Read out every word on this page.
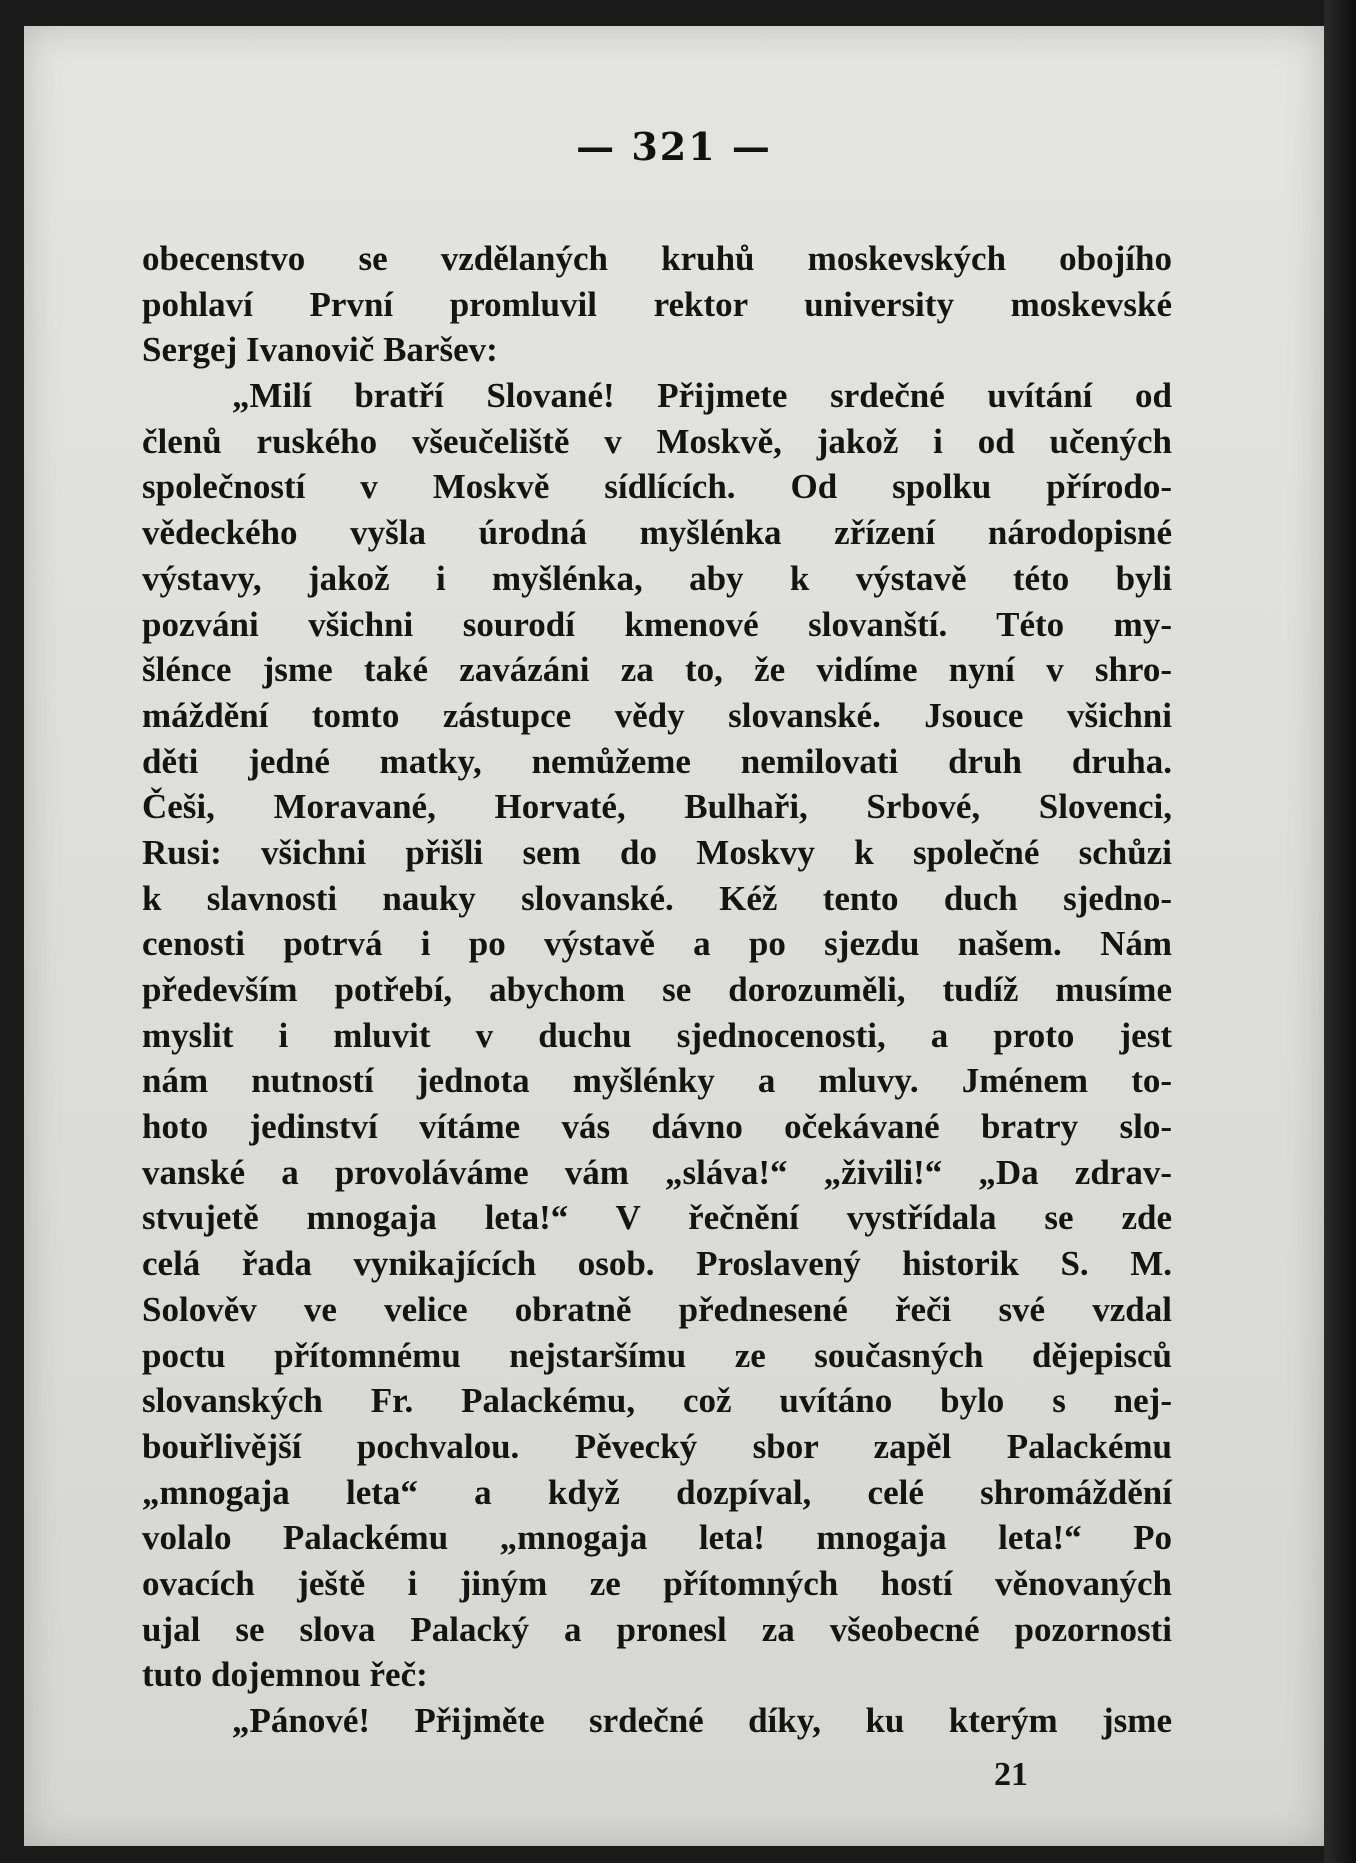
— 321 —
obecenstvo se vzdělaných kruhů moskevských obojího
pohlaví První promluvil rektor university moskevské
Sergej Ivanovič Baršev:
„Milí bratří Slované! Přijmete srdečné uvítání od
členů ruského všeučeliště v Moskvě, jakož i od učených
společností v Moskvě sídlících. Od spolku přírodo-
vědeckého vyšla úrodná myšlénka zřízení národopisné
výstavy, jakož i myšlénka, aby k výstavě této byli
pozváni všichni sourodí kmenové slovanští. Této my-
šlénce jsme také zavázáni za to, že vidíme nyní v shro-
máždění tomto zástupce vědy slovanské. Jsouce všichni
děti jedné matky, nemůžeme nemilovati druh druha.
Češi, Moravané, Horvaté, Bulhaři, Srbové, Slovenci,
Rusi: všichni přišli sem do Moskvy k společné schůzi
k slavnosti nauky slovanské. Kéž tento duch sjedno-
cenosti potrvá i po výstavě a po sjezdu našem. Nám
především potřebí, abychom se dorozuměli, tudíž musíme
myslit i mluvit v duchu sjednocenosti, a proto jest
nám nutností jednota myšlénky a mluvy. Jménem to-
hoto jedinství vítáme vás dávno očekávané bratry slo-
vanské a provoláváme vám „sláva!“ „živili!“ „Da zdrav-
stvujetě mnogaja leta!“ V řečnění vystřídala se zde
celá řada vynikajících osob. Proslavený historik S. M.
Solověv ve velice obratně přednesené řeči své vzdal
poctu přítomnému nejstaršímu ze současných dějepisců
slovanských Fr. Palackému, což uvítáno bylo s nej-
bouřlivější pochvalou. Pěvecký sbor zapěl Palackému
„mnogaja leta“ a když dozpíval, celé shromáždění
volalo Palackému „mnogaja leta! mnogaja leta!“ Po
ovacích ještě i jiným ze přítomných hostí věnovaných
ujal se slova Palacký a pronesl za všeobecné pozornosti
tuto dojemnou řeč:
„Pánové! Přijměte srdečné díky, ku kterým jsme
21
